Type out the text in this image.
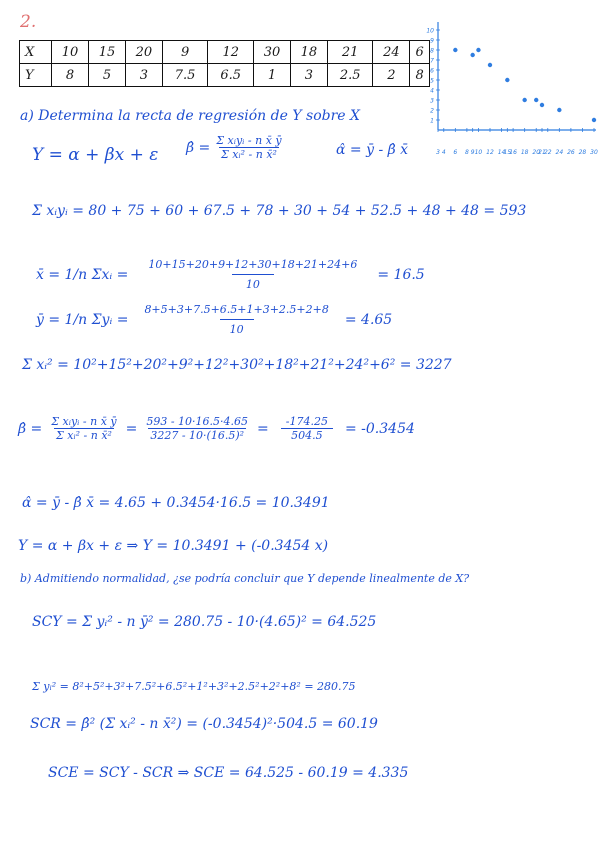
2.
X	10	15	20	9	12	30	18	21	24	6
Y	8	5	3	7.5	6.5	1	3	2.5	2	8
1
2
3
4
5
6
7
8
9
10
3 4 6 8 9 10 12 14
15
16 18 20
21
22 24 26 28 30
a) Determina la recta de regresión de Y sobre X
Y = α + βx + ε β̂ = $\frac{\text{Σ xᵢyᵢ - n x̄ ȳ}}{\text{Σ xᵢ² - n x̄²}}$	α̂ = ȳ - β̂ x̄
Σ xᵢyᵢ = 80 + 75 + 60 + 67.5 + 78 + 30 + 54 + 52.5 + 48 + 48 = 593
x̄ = 1/n Σxᵢ = $\frac{10+15+20+9+12+30+18+21+24+6}{10} = 16.5$
ȳ = 1/n Σyᵢ = $\frac{8+5+3+7.5+6.5+1+3+2.5+2+8}{10} = 4.65$
Σ xᵢ² = 10²+15²+20²+9²+12²+30²+18²+21²+24²+6² = 3227
β̂ = $\frac{\text{Σ xᵢyᵢ - n x̄ ȳ}}{\text{Σ xᵢ² - n x̄²}} = \frac{593 - 10\cdot 16.5\cdot 4.65}{\text{3227 - 10·(16.5)²}} = \frac{-174.25}{504.5} = -0.3454$
α̂ = ȳ - β̂ x̄ = 4.65 + 0.3454·16.5 = 10.3491
Y = α + βx + ε ⇒ Y = 10.3491 + (-0.3454 x)
b) Admitiendo normalidad, ¿se podría concluir que Y depende linealmente de X?
SCY = Σ yᵢ² - n ȳ² = 280.75 - 10·(4.65)² = 64.525
Σ yᵢ² = 8²+5²+3²+7.5²+6.5²+1²+3²+2.5²+2²+8² = 280.75
SCR = β̂² (Σ xᵢ² - n x̄²) = (-0.3454)²·504.5 = 60.19
SCE = SCY - SCR ⇒ SCE = 64.525 - 60.19 = 4.335
